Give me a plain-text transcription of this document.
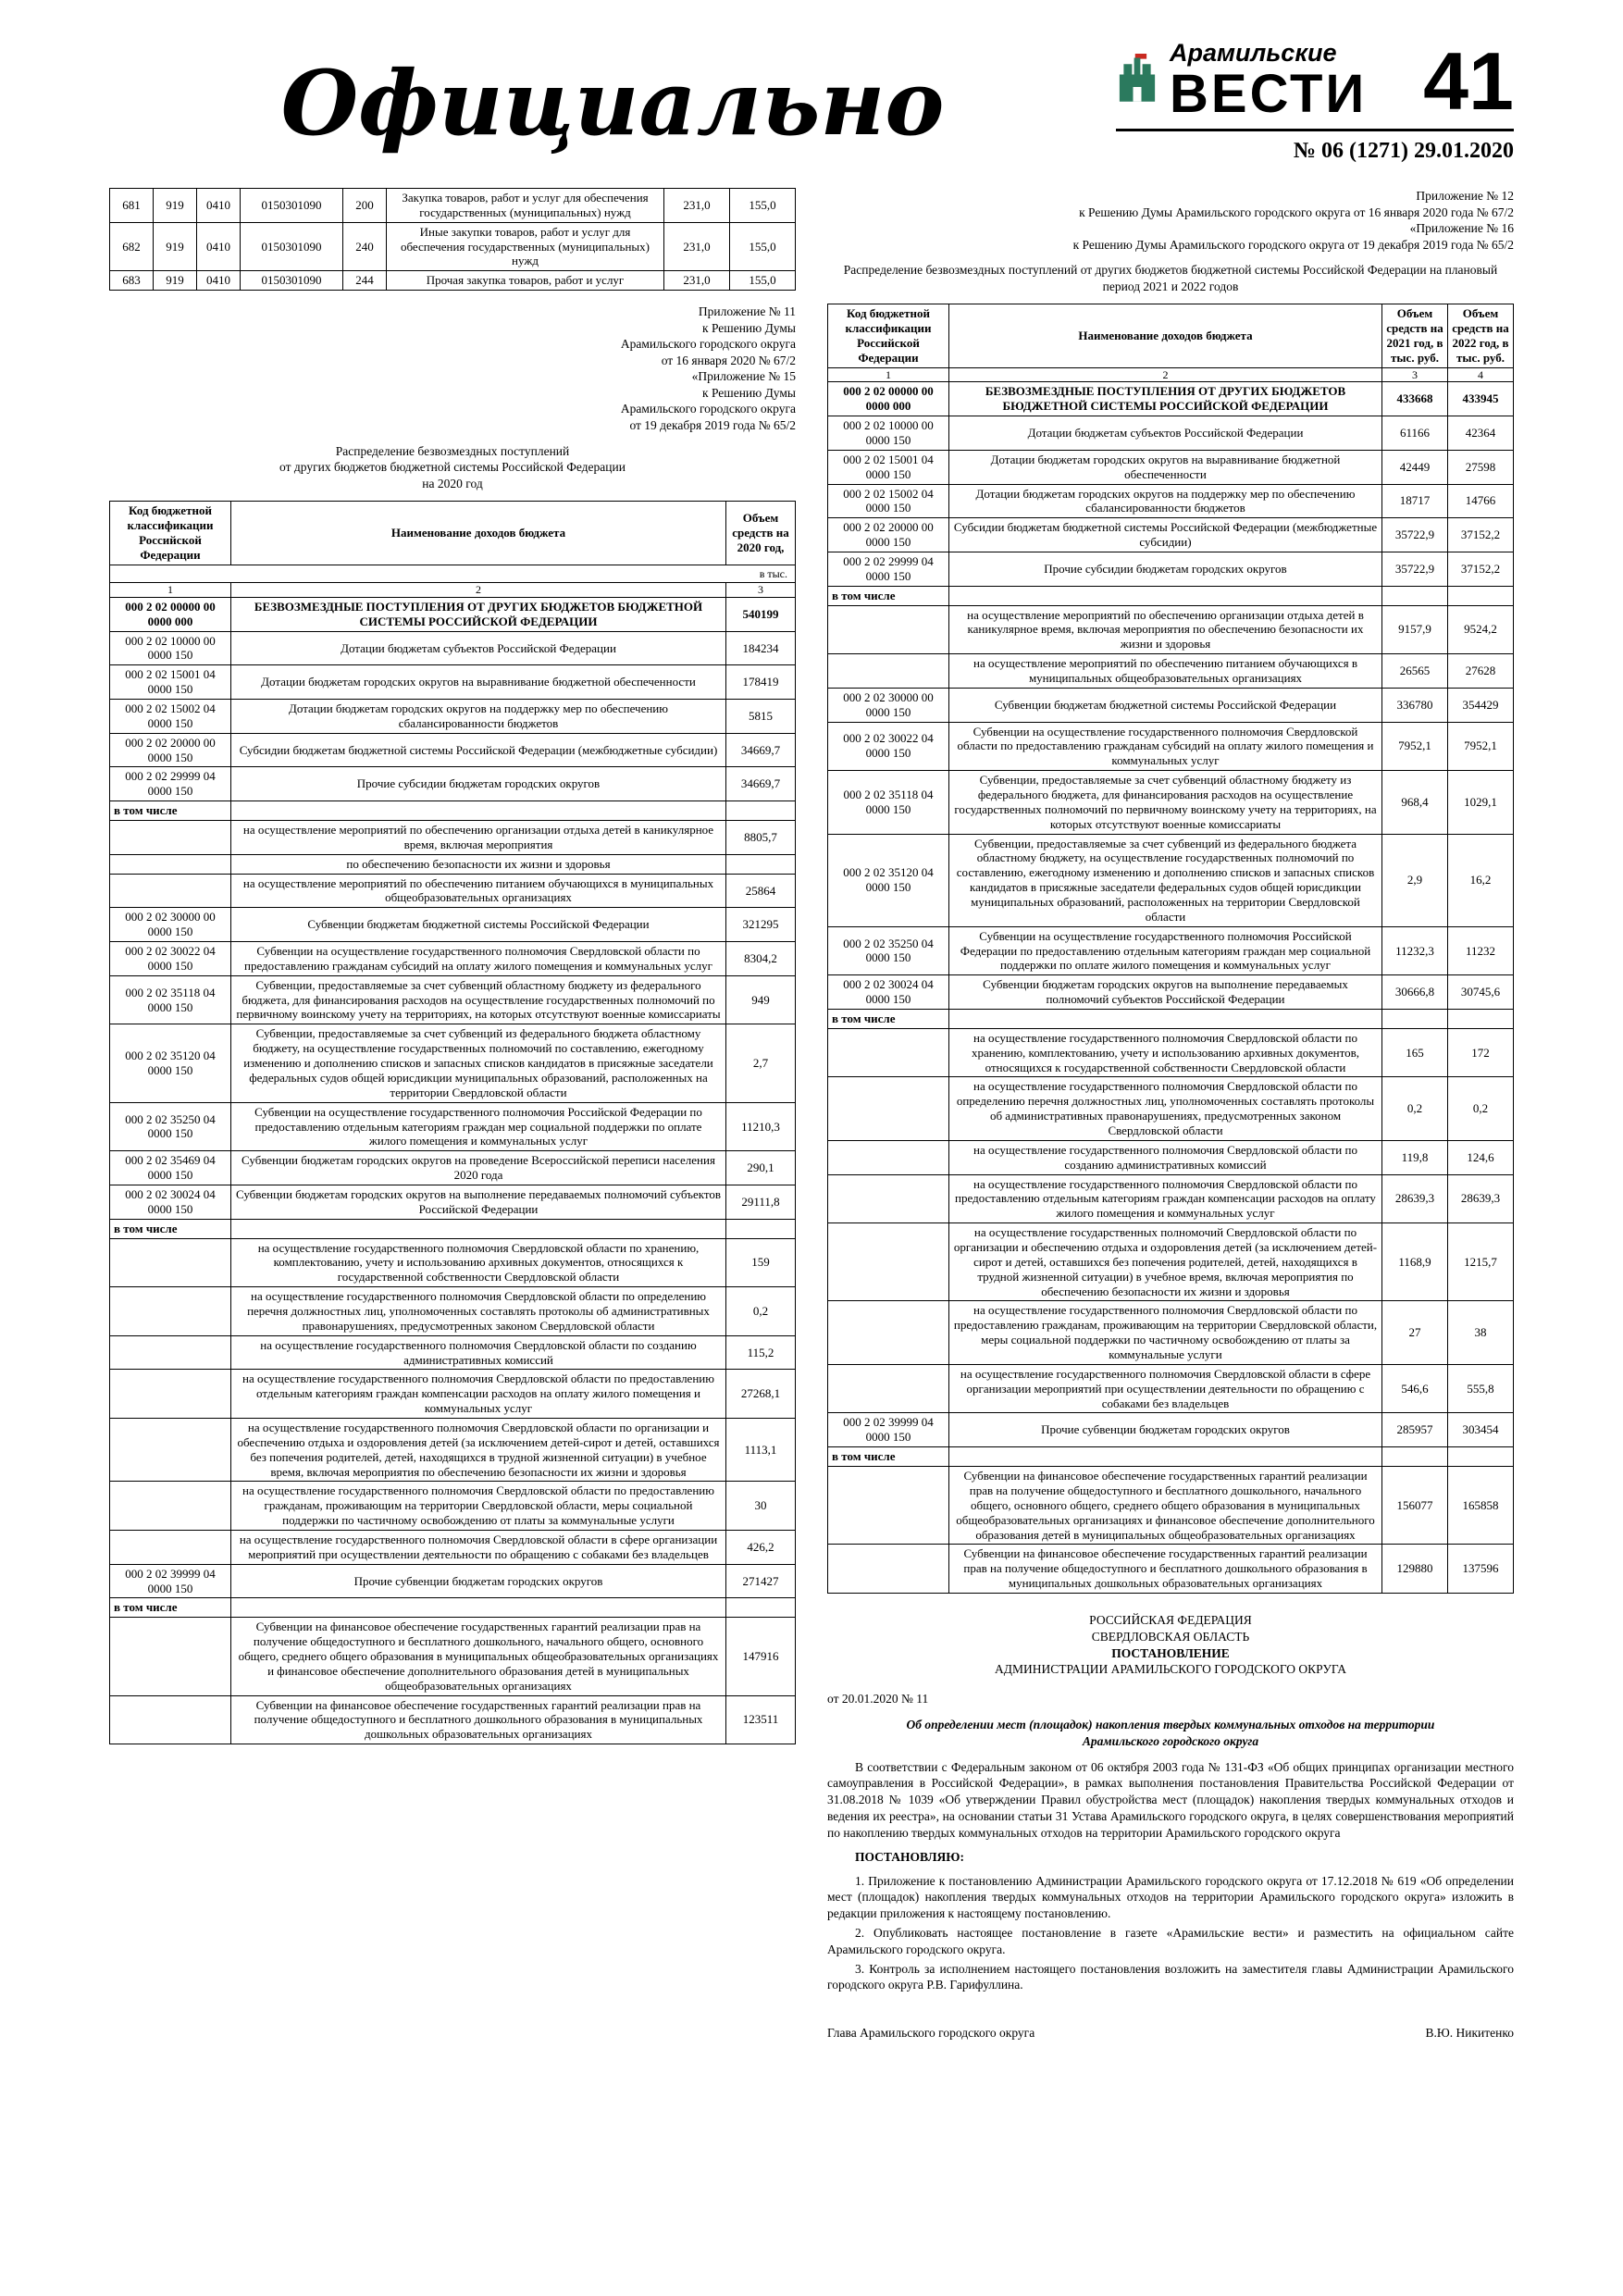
Официально	Арамильские
ВЕСТИ 41
№ 06 (1271) 29.01.2020
681	919	0410	0150301090	200	Закупка товаров, работ и услуг для обеспечения государственных (муниципальных) нужд	231,0	155,0
682	919	0410	0150301090	240	Иные закупки товаров, работ и услуг для обеспечения государственных (муниципальных) нужд	231,0	155,0
683	919	0410	0150301090	244	Прочая закупка товаров, работ и услуг	231,0	155,0
Приложение № 11
к Решению Думы
Арамильского городского округа
от 16 января 2020 № 67/2
«Приложение № 15
к Решению Думы
Арамильского городского округа
от 19 декабря 2019 года № 65/2
Распределение безвозмездных поступлений
от других бюджетов бюджетной системы Российской Федерации
на 2020 год
Код бюджетной классификации Российской Федерации	Наименование доходов бюджета	Объем средств на 2020 год,
в тыс.		
1	2	3
000 2 02 00000 00 0000 000	БЕЗВОЗМЕЗДНЫЕ ПОСТУПЛЕНИЯ ОТ ДРУГИХ БЮДЖЕТОВ БЮДЖЕТНОЙ СИСТЕМЫ РОССИЙСКОЙ ФЕДЕРАЦИИ	540199
000 2 02 10000 00 0000 150	Дотации бюджетам субъектов Российской Федерации	184234
000 2 02 15001 04 0000 150	Дотации бюджетам городских округов на выравнивание бюджетной обеспеченности	178419
000 2 02 15002 04 0000 150	Дотации бюджетам городских округов на поддержку мер по обеспечению сбалансированности бюджетов	5815
000 2 02 20000 00 0000 150	Субсидии бюджетам бюджетной системы Российской Федерации (межбюджетные субсидии)	34669,7
000 2 02 29999 04 0000 150	Прочие субсидии бюджетам городских округов	34669,7
в том числе		
	на осуществление мероприятий по обеспечению организации отдыха детей в каникулярное время, включая мероприятия	8805,7
	по обеспечению безопасности их жизни и здоровья	
	на осуществление мероприятий по обеспечению питанием обучающихся в муниципальных общеобразовательных организациях	25864
000 2 02 30000 00 0000 150	Субвенции бюджетам бюджетной системы Российской Федерации	321295
000 2 02 30022 04 0000 150	Субвенции на осуществление государственного полномочия Свердловской области по предоставлению гражданам субсидий на оплату жилого помещения и коммунальных услуг	8304,2
000 2 02 35118 04 0000 150	Субвенции, предоставляемые за счет субвенций областному бюджету из федерального бюджета, для финансирования расходов на осуществление государственных полномочий по первичному воинскому учету на территориях, на которых отсутствуют военные комиссариаты	949
000 2 02 35120 04 0000 150	Субвенции, предоставляемые за счет субвенций из федерального бюджета областному бюджету, на осуществление государственных полномочий по составлению, ежегодному изменению и дополнению списков и запасных списков кандидатов в присяжные заседатели федеральных судов общей юрисдикции муниципальных образований, расположенных на территории Свердловской области	2,7
000 2 02 35250 04 0000 150	Субвенции на осуществление государственного полномочия Российской Федерации по предоставлению отдельным категориям граждан мер социальной поддержки по оплате жилого помещения и коммунальных услуг	11210,3
000 2 02 35469 04 0000 150	Субвенции бюджетам городских округов на проведение Всероссийской переписи населения 2020 года	290,1
000 2 02 30024 04 0000 150	Субвенции бюджетам городских округов на выполнение передаваемых полномочий субъектов Российской Федерации	29111,8
в том числе		
	на осуществление государственного полномочия Свердловской области по хранению, комплектованию, учету и использованию архивных документов, относящихся к государственной собственности Свердловской области	159
	на осуществление государственного полномочия Свердловской области по определению перечня должностных лиц, уполномоченных составлять протоколы об административных правонарушениях, предусмотренных законом Свердловской области	0,2
	на осуществление государственного полномочия Свердловской области по созданию административных комиссий	115,2
	на осуществление государственного полномочия Свердловской области по предоставлению отдельным категориям граждан компенсации расходов на оплату жилого помещения и коммунальных услуг	27268,1
	на осуществление государственного полномочия Свердловской области по организации и обеспечению отдыха и оздоровления детей (за исключением детей-сирот и детей, оставшихся без попечения родителей, детей, находящихся в трудной жизненной ситуации) в учебное время, включая мероприятия по обеспечению безопасности их жизни и здоровья	1113,1
	на осуществление государственного полномочия Свердловской области по предоставлению гражданам, проживающим на территории Свердловской области, меры социальной поддержки по частичному освобождению от платы за коммунальные услуги	30
	на осуществление государственного полномочия Свердловской области в сфере организации мероприятий при осуществлении деятельности по обращению с собаками без владельцев	426,2
000 2 02 39999 04 0000 150	Прочие субвенции бюджетам городских округов	271427
в том числе		
	Субвенции на финансовое обеспечение государственных гарантий реализации прав на получение общедоступного и бесплатного дошкольного, начального общего, основного общего, среднего общего образования в муниципальных общеобразовательных организациях и финансовое обеспечение дополнительного образования детей в муниципальных общеобразовательных организациях	147916
	Субвенции на финансовое обеспечение государственных гарантий реализации прав на получение общедоступного и бесплатного дошкольного образования в муниципальных дошкольных образовательных организациях	123511
Приложение № 12
к Решению Думы Арамильского городского округа от 16 января 2020 года № 67/2
«Приложение № 16
к Решению Думы Арамильского городского округа от 19 декабря 2019 года № 65/2
Распределение безвозмездных поступлений от других бюджетов бюджетной системы Российской Федерации на плановый период 2021 и 2022 годов
Код бюджетной классификации Российской Федерации	Наименование доходов бюджета	Объем средств на 2021 год, в тыс. руб.	Объем средств на 2022 год, в тыс. руб.
1	2	3	4
000 2 02 00000 00 0000 000	БЕЗВОЗМЕЗДНЫЕ ПОСТУПЛЕНИЯ ОТ ДРУГИХ БЮДЖЕТОВ БЮДЖЕТНОЙ СИСТЕМЫ РОССИЙСКОЙ ФЕДЕРАЦИИ	433668	433945
000 2 02 10000 00 0000 150	Дотации бюджетам субъектов Российской Федерации	61166	42364
000 2 02 15001 04 0000 150	Дотации бюджетам городских округов на выравнивание бюджетной обеспеченности	42449	27598
000 2 02 15002 04 0000 150	Дотации бюджетам городских округов на поддержку мер по обеспечению сбалансированности бюджетов	18717	14766
000 2 02 20000 00 0000 150	Субсидии бюджетам бюджетной системы Российской Федерации (межбюджетные субсидии)	35722,9	37152,2
000 2 02 29999 04 0000 150	Прочие субсидии бюджетам городских округов	35722,9	37152,2
в том числе			
	на осуществление мероприятий по обеспечению организации отдыха детей в каникулярное время, включая мероприятия по обеспечению безопасности их жизни и здоровья	9157,9	9524,2
	на осуществление мероприятий по обеспечению питанием обучающихся в муниципальных общеобразовательных организациях	26565	27628
000 2 02 30000 00 0000 150	Субвенции бюджетам бюджетной системы Российской Федерации	336780	354429
000 2 02 30022 04 0000 150	Субвенции на осуществление государственного полномочия Свердловской области по предоставлению гражданам субсидий на оплату жилого помещения и коммунальных услуг	7952,1	7952,1
000 2 02 35118 04 0000 150	Субвенции, предоставляемые за счет субвенций областному бюджету из федерального бюджета, для финансирования расходов на осуществление государственных полномочий по первичному воинскому учету на территориях, на которых отсутствуют военные комиссариаты	968,4	1029,1
000 2 02 35120 04 0000 150	Субвенции, предоставляемые за счет субвенций из федерального бюджета областному бюджету, на осуществление государственных полномочий по составлению, ежегодному изменению и дополнению списков и запасных списков кандидатов в присяжные заседатели федеральных судов общей юрисдикции муниципальных образований, расположенных на территории Свердловской области	2,9	16,2
000 2 02 35250 04 0000 150	Субвенции на осуществление государственного полномочия Российской Федерации по предоставлению отдельным категориям граждан мер социальной поддержки по оплате жилого помещения и коммунальных услуг	11232,3	11232
000 2 02 30024 04 0000 150	Субвенции бюджетам городских округов на выполнение передаваемых полномочий субъектов Российской Федерации	30666,8	30745,6
в том числе			
	на осуществление государственного полномочия Свердловской области по хранению, комплектованию, учету и использованию архивных документов, относящихся к государственной собственности Свердловской области	165	172
	на осуществление государственного полномочия Свердловской области по определению перечня должностных лиц, уполномоченных составлять протоколы об административных правонарушениях, предусмотренных законом Свердловской области	0,2	0,2
	на осуществление государственного полномочия Свердловской области по созданию административных комиссий	119,8	124,6
	на осуществление государственного полномочия Свердловской области по предоставлению отдельным категориям граждан компенсации расходов на оплату жилого помещения и коммунальных услуг	28639,3	28639,3
	на осуществление государственных полномочий Свердловской области по организации и обеспечению отдыха и оздоровления детей (за исключением детей-сирот и детей, оставшихся без попечения родителей, детей, находящихся в трудной жизненной ситуации) в учебное время, включая мероприятия по обеспечению безопасности их жизни и здоровья	1168,9	1215,7
	на осуществление государственного полномочия Свердловской области по предоставлению гражданам, проживающим на территории Свердловской области, меры социальной поддержки по частичному освобождению от платы за коммунальные услуги	27	38
	на осуществление государственного полномочия Свердловской области в сфере организации мероприятий при осуществлении деятельности по обращению с собаками без владельцев	546,6	555,8
000 2 02 39999 04 0000 150	Прочие субвенции бюджетам городских округов	285957	303454
в том числе			
	Субвенции на финансовое обеспечение государственных гарантий реализации прав на получение общедоступного и бесплатного дошкольного, начального общего, основного общего, среднего общего образования в муниципальных общеобразовательных организациях и финансовое обеспечение дополнительного образования детей в муниципальных общеобразовательных организациях	156077	165858
	Субвенции на финансовое обеспечение государственных гарантий реализации прав на получение общедоступного и бесплатного дошкольного образования в муниципальных дошкольных образовательных организациях	129880	137596
РОССИЙСКАЯ ФЕДЕРАЦИЯ
СВЕРДЛОВСКАЯ ОБЛАСТЬ
ПОСТАНОВЛЕНИЕ
АДМИНИСТРАЦИИ АРАМИЛЬСКОГО ГОРОДСКОГО ОКРУГА
от 20.01.2020 № 11
Об определении мест (площадок) накопления твердых коммунальных отходов на территории Арамильского городского округа

В соответствии с Федеральным законом от 06 октября 2003 года № 131-ФЗ «Об общих принципах организации местного самоуправления в Российской Федерации», в рамках выполнения постановления Правительства Российской Федерации от 31.08.2018 № 1039 «Об утверждении Правил обустройства мест (площадок) накопления твердых коммунальных отходов и ведения их реестра», на основании статьи 31 Устава Арамильского городского округа, в целях совершенствования мероприятий по накоплению твердых коммунальных отходов на территории Арамильского городского округа

ПОСТАНОВЛЯЮ:

1. Приложение к постановлению Администрации Арамильского городского округа от 17.12.2018 № 619 «Об определении мест (площадок) накопления твердых коммунальных отходов на территории Арамильского городского округа» изложить в редакции приложения к настоящему постановлению.

2. Опубликовать настоящее постановление в газете «Арамильские вести» и разместить на официальном сайте Арамильского городского округа.

3. Контроль за исполнением настоящего постановления возложить на заместителя главы Администрации Арамильского городского округа Р.В. Гарифуллина.

Глава Арамильского городского округа	В.Ю. Никитенко
